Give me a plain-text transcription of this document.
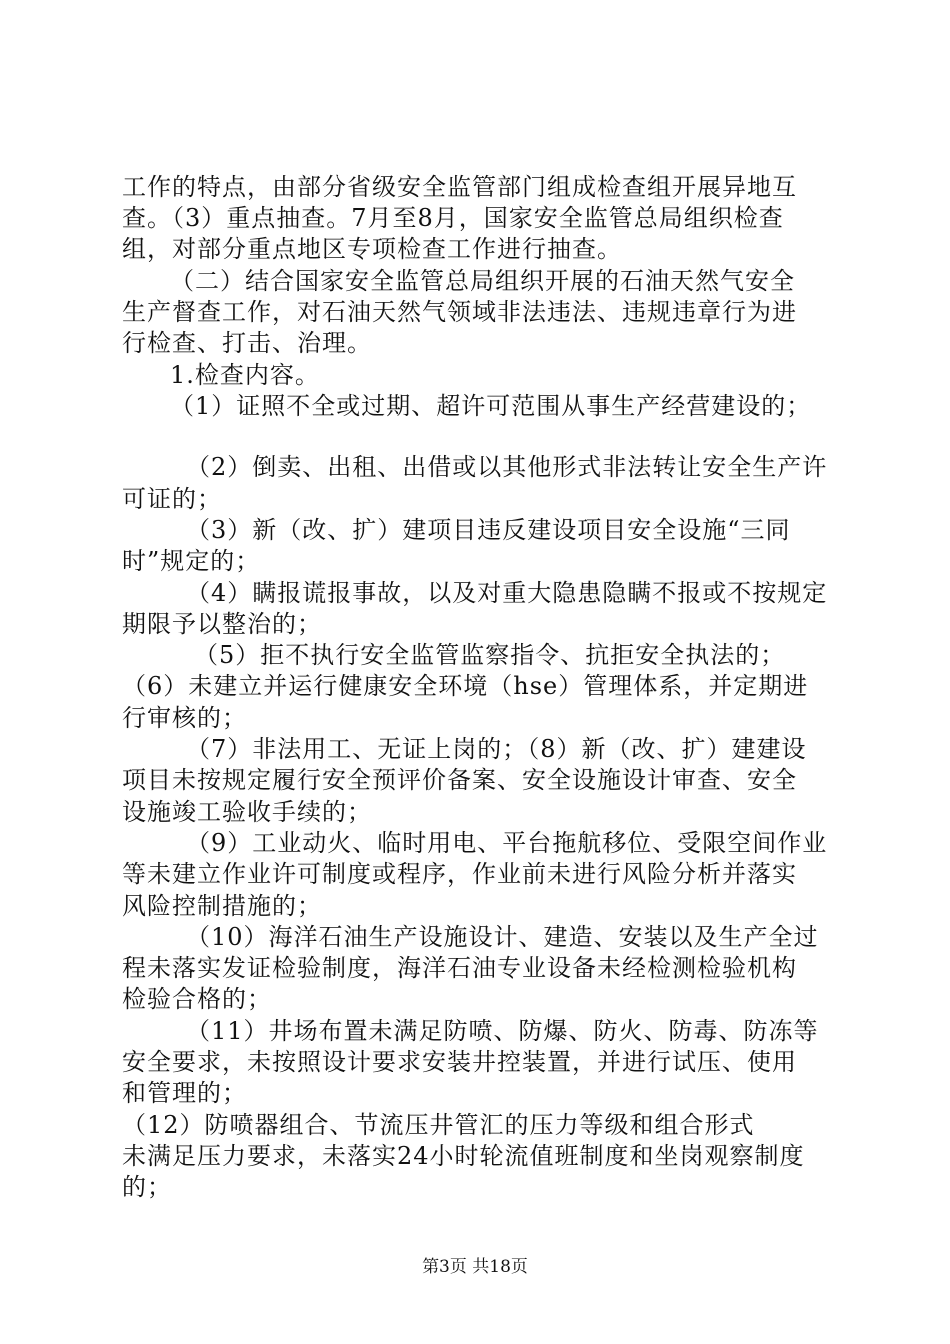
工作的特点，由部分省级安全监管部门组成检查组开展异地互
查。（3）重点抽查。7月至8月，国家安全监管总局组织检查
组，对部分重点地区专项检查工作进行抽查。
（二）结合国家安全监管总局组织开展的石油天然气安全
生产督查工作，对石油天然气领域非法违法、违规违章行为进
行检查、打击、治理。
1.检查内容。
（1）证照不全或过期、超许可范围从事生产经营建设的；
（2）倒卖、出租、出借或以其他形式非法转让安全生产许
可证的；
（3）新（改、扩）建项目违反建设项目安全设施“三同
时”规定的；
（4）瞒报谎报事故，以及对重大隐患隐瞒不报或不按规定
期限予以整治的；
（5）拒不执行安全监管监察指令、抗拒安全执法的；
（6）未建立并运行健康安全环境（hse）管理体系，并定期进
行审核的；
（7）非法用工、无证上岗的；（8）新（改、扩）建建设
项目未按规定履行安全预评价备案、安全设施设计审查、安全
设施竣工验收手续的；
（9）工业动火、临时用电、平台拖航移位、受限空间作业
等未建立作业许可制度或程序，作业前未进行风险分析并落实
风险控制措施的；
（10）海洋石油生产设施设计、建造、安装以及生产全过
程未落实发证检验制度，海洋石油专业设备未经检测检验机构
检验合格的；
（11）井场布置未满足防喷、防爆、防火、防毒、防冻等
安全要求，未按照设计要求安装井控装置，并进行试压、使用
和管理的；
（12）防喷器组合、节流压井管汇的压力等级和组合形式
未满足压力要求，未落实24小时轮流值班制度和坐岗观察制度
的；
第3页 共18页
